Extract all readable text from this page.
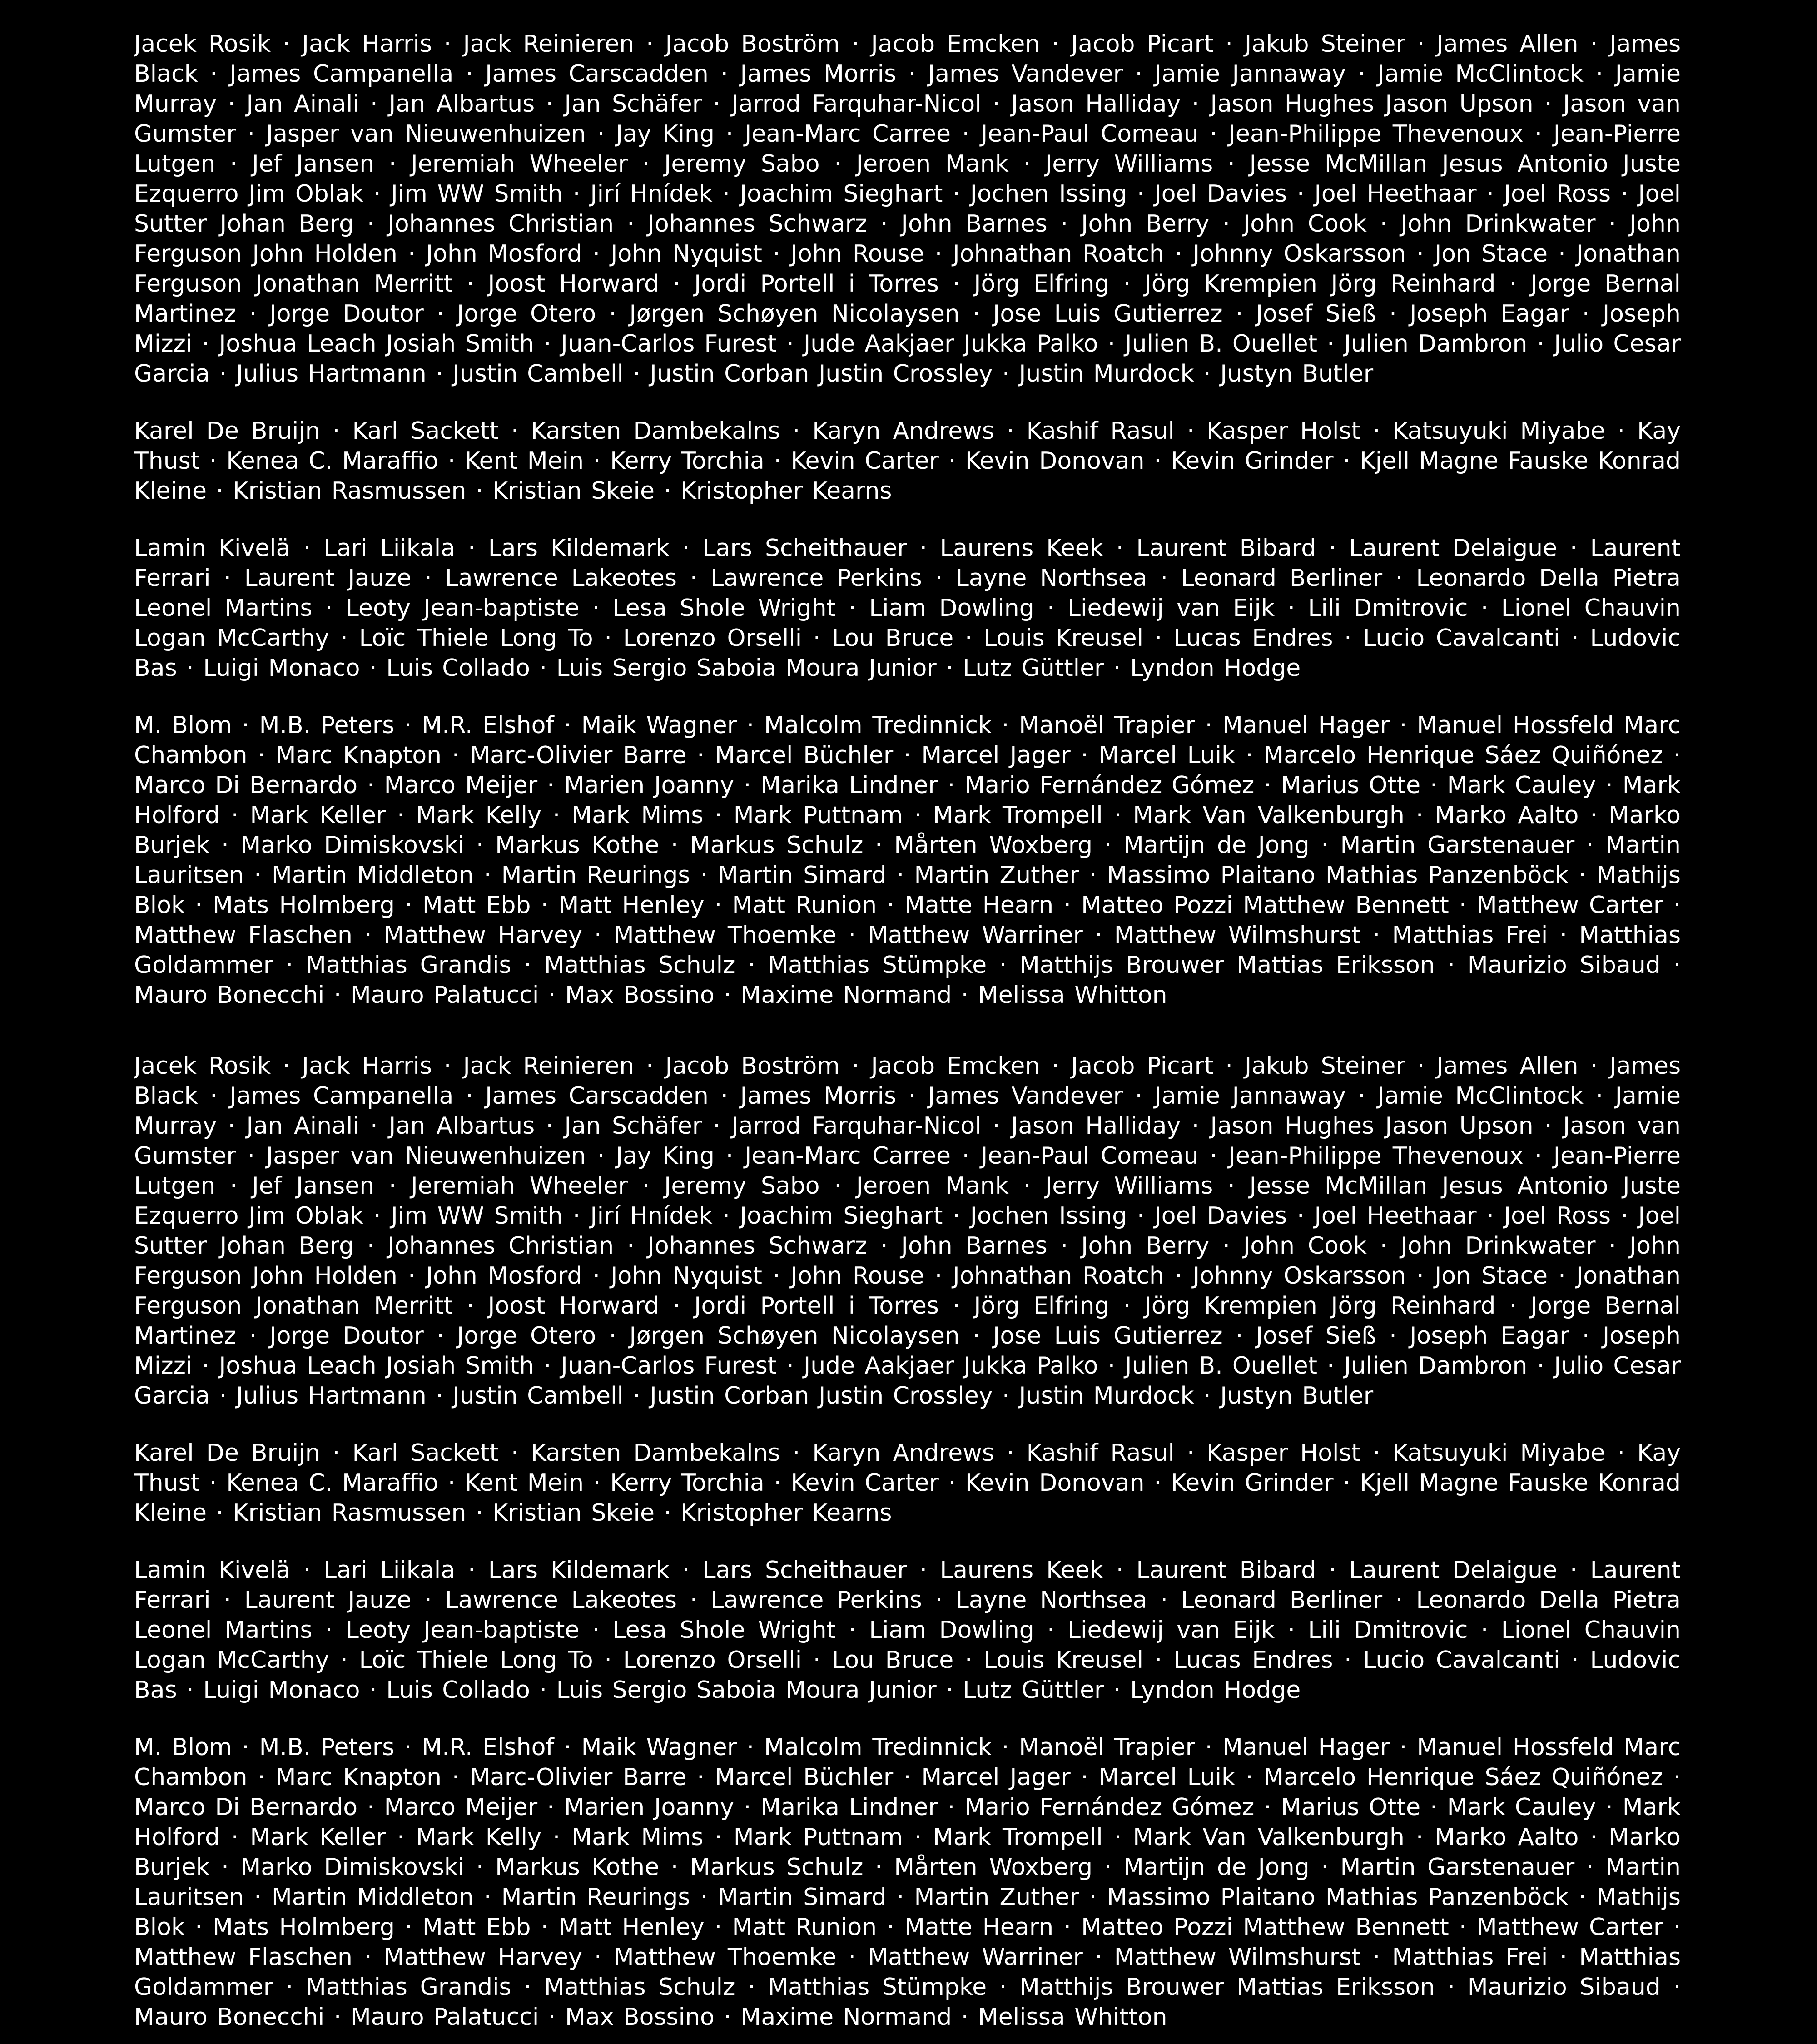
Jacek Rosik · Jack Harris · Jack Reinieren · Jacob Boström · Jacob Emcken · Jacob Picart · Jakub Steiner · James Allen · James Black · James Campanella · James Carscadden · James Morris · James Vandever · Jamie Jannaway · Jamie McClintock · Jamie Murray · Jan Ainali · Jan Albartus · Jan Schäfer · Jarrod Farquhar-Nicol · Jason Halliday · Jason Hughes Jason Upson · Jason van Gumster · Jasper van Nieuwenhuizen · Jay King · Jean-Marc Carree · Jean-Paul Comeau · Jean-Philippe Thevenoux · Jean-Pierre Lutgen · Jef Jansen · Jeremiah Wheeler · Jeremy Sabo · Jeroen Mank · Jerry Williams · Jesse McMillan Jesus Antonio Juste Ezquerro Jim Oblak · Jim WW Smith · Jirí Hnídek · Joachim Sieghart · Jochen Issing · Joel Davies · Joel Heethaar · Joel Ross · Joel Sutter Johan Berg · Johannes Christian · Johannes Schwarz · John Barnes · John Berry · John Cook · John Drinkwater · John Ferguson John Holden · John Mosford · John Nyquist · John Rouse · Johnathan Roatch · Johnny Oskarsson · Jon Stace · Jonathan Ferguson Jonathan Merritt · Joost Horward · Jordi Portell i Torres · Jörg Elfring · Jörg Krempien Jörg Reinhard · Jorge Bernal Martinez · Jorge Doutor · Jorge Otero · Jørgen Schøyen Nicolaysen · Jose Luis Gutierrez · Josef Sieß · Joseph Eagar · Joseph Mizzi · Joshua Leach Josiah Smith · Juan-Carlos Furest · Jude Aakjaer Jukka Palko · Julien B. Ouellet · Julien Dambron · Julio Cesar Garcia · Julius Hartmann · Justin Cambell · Justin Corban Justin Crossley · Justin Murdock · Justyn Butler

Karel De Bruijn · Karl Sackett · Karsten Dambekalns · Karyn Andrews · Kashif Rasul · Kasper Holst · Katsuyuki Miyabe · Kay Thust · Kenea C. Maraffio · Kent Mein · Kerry Torchia · Kevin Carter · Kevin Donovan · Kevin Grinder · Kjell Magne Fauske Konrad Kleine · Kristian Rasmussen · Kristian Skeie · Kristopher Kearns

Lamin Kivelä · Lari Liikala · Lars Kildemark · Lars Scheithauer · Laurens Keek · Laurent Bibard · Laurent Delaigue · Laurent Ferrari · Laurent Jauze · Lawrence Lakeotes · Lawrence Perkins · Layne Northsea · Leonard Berliner · Leonardo Della Pietra Leonel Martins · Leoty Jean-baptiste · Lesa Shole Wright · Liam Dowling · Liedewij van Eijk · Lili Dmitrovic · Lionel Chauvin Logan McCarthy · Loïc Thiele Long To · Lorenzo Orselli · Lou Bruce · Louis Kreusel · Lucas Endres · Lucio Cavalcanti · Ludovic Bas · Luigi Monaco · Luis Collado · Luis Sergio Saboia Moura Junior · Lutz Güttler · Lyndon Hodge

M. Blom · M.B. Peters · M.R. Elshof · Maik Wagner · Malcolm Tredinnick · Manoël Trapier · Manuel Hager · Manuel Hossfeld Marc Chambon · Marc Knapton · Marc-Olivier Barre · Marcel Büchler · Marcel Jager · Marcel Luik · Marcelo Henrique Sáez Quiñónez · Marco Di Bernardo · Marco Meijer · Marien Joanny · Marika Lindner · Mario Fernández Gómez · Marius Otte · Mark Cauley · Mark Holford · Mark Keller · Mark Kelly · Mark Mims · Mark Puttnam · Mark Trompell · Mark Van Valkenburgh · Marko Aalto · Marko Burjek · Marko Dimiskovski · Markus Kothe · Markus Schulz · Mårten Woxberg · Martijn de Jong · Martin Garstenauer · Martin Lauritsen · Martin Middleton · Martin Reurings · Martin Simard · Martin Zuther · Massimo Plaitano Mathias Panzenböck · Mathijs Blok · Mats Holmberg · Matt Ebb · Matt Henley · Matt Runion · Matte Hearn · Matteo Pozzi Matthew Bennett · Matthew Carter · Matthew Flaschen · Matthew Harvey · Matthew Thoemke · Matthew Warriner · Matthew Wilmshurst · Matthias Frei · Matthias Goldammer · Matthias Grandis · Matthias Schulz · Matthias Stümpke · Matthijs Brouwer Mattias Eriksson · Maurizio Sibaud · Mauro Bonecchi · Mauro Palatucci · Max Bossino · Maxime Normand · Melissa Whitton

Jacek Rosik · Jack Harris · Jack Reinieren · Jacob Boström · Jacob Emcken · Jacob Picart · Jakub Steiner · James Allen · James Black · James Campanella · James Carscadden · James Morris · James Vandever · Jamie Jannaway · Jamie McClintock · Jamie Murray · Jan Ainali · Jan Albartus · Jan Schäfer · Jarrod Farquhar-Nicol · Jason Halliday · Jason Hughes Jason Upson · Jason van Gumster · Jasper van Nieuwenhuizen · Jay King · Jean-Marc Carree · Jean-Paul Comeau · Jean-Philippe Thevenoux · Jean-Pierre Lutgen · Jef Jansen · Jeremiah Wheeler · Jeremy Sabo · Jeroen Mank · Jerry Williams · Jesse McMillan Jesus Antonio Juste Ezquerro Jim Oblak · Jim WW Smith · Jirí Hnídek · Joachim Sieghart · Jochen Issing · Joel Davies · Joel Heethaar · Joel Ross · Joel Sutter Johan Berg · Johannes Christian · Johannes Schwarz · John Barnes · John Berry · John Cook · John Drinkwater · John Ferguson John Holden · John Mosford · John Nyquist · John Rouse · Johnathan Roatch · Johnny Oskarsson · Jon Stace · Jonathan Ferguson Jonathan Merritt · Joost Horward · Jordi Portell i Torres · Jörg Elfring · Jörg Krempien Jörg Reinhard · Jorge Bernal Martinez · Jorge Doutor · Jorge Otero · Jørgen Schøyen Nicolaysen · Jose Luis Gutierrez · Josef Sieß · Joseph Eagar · Joseph Mizzi · Joshua Leach Josiah Smith · Juan-Carlos Furest · Jude Aakjaer Jukka Palko · Julien B. Ouellet · Julien Dambron · Julio Cesar Garcia · Julius Hartmann · Justin Cambell · Justin Corban Justin Crossley · Justin Murdock · Justyn Butler

Karel De Bruijn · Karl Sackett · Karsten Dambekalns · Karyn Andrews · Kashif Rasul · Kasper Holst · Katsuyuki Miyabe · Kay Thust · Kenea C. Maraffio · Kent Mein · Kerry Torchia · Kevin Carter · Kevin Donovan · Kevin Grinder · Kjell Magne Fauske Konrad Kleine · Kristian Rasmussen · Kristian Skeie · Kristopher Kearns

Lamin Kivelä · Lari Liikala · Lars Kildemark · Lars Scheithauer · Laurens Keek · Laurent Bibard · Laurent Delaigue · Laurent Ferrari · Laurent Jauze · Lawrence Lakeotes · Lawrence Perkins · Layne Northsea · Leonard Berliner · Leonardo Della Pietra Leonel Martins · Leoty Jean-baptiste · Lesa Shole Wright · Liam Dowling · Liedewij van Eijk · Lili Dmitrovic · Lionel Chauvin Logan McCarthy · Loïc Thiele Long To · Lorenzo Orselli · Lou Bruce · Louis Kreusel · Lucas Endres · Lucio Cavalcanti · Ludovic Bas · Luigi Monaco · Luis Collado · Luis Sergio Saboia Moura Junior · Lutz Güttler · Lyndon Hodge

M. Blom · M.B. Peters · M.R. Elshof · Maik Wagner · Malcolm Tredinnick · Manoël Trapier · Manuel Hager · Manuel Hossfeld Marc Chambon · Marc Knapton · Marc-Olivier Barre · Marcel Büchler · Marcel Jager · Marcel Luik · Marcelo Henrique Sáez Quiñónez · Marco Di Bernardo · Marco Meijer · Marien Joanny · Marika Lindner · Mario Fernández Gómez · Marius Otte · Mark Cauley · Mark Holford · Mark Keller · Mark Kelly · Mark Mims · Mark Puttnam · Mark Trompell · Mark Van Valkenburgh · Marko Aalto · Marko Burjek · Marko Dimiskovski · Markus Kothe · Markus Schulz · Mårten Woxberg · Martijn de Jong · Martin Garstenauer · Martin Lauritsen · Martin Middleton · Martin Reurings · Martin Simard · Martin Zuther · Massimo Plaitano Mathias Panzenböck · Mathijs Blok · Mats Holmberg · Matt Ebb · Matt Henley · Matt Runion · Matte Hearn · Matteo Pozzi Matthew Bennett · Matthew Carter · Matthew Flaschen · Matthew Harvey · Matthew Thoemke · Matthew Warriner · Matthew Wilmshurst · Matthias Frei · Matthias Goldammer · Matthias Grandis · Matthias Schulz · Matthias Stümpke · Matthijs Brouwer Mattias Eriksson · Maurizio Sibaud · Mauro Bonecchi · Mauro Palatucci · Max Bossino · Maxime Normand · Melissa Whitton
